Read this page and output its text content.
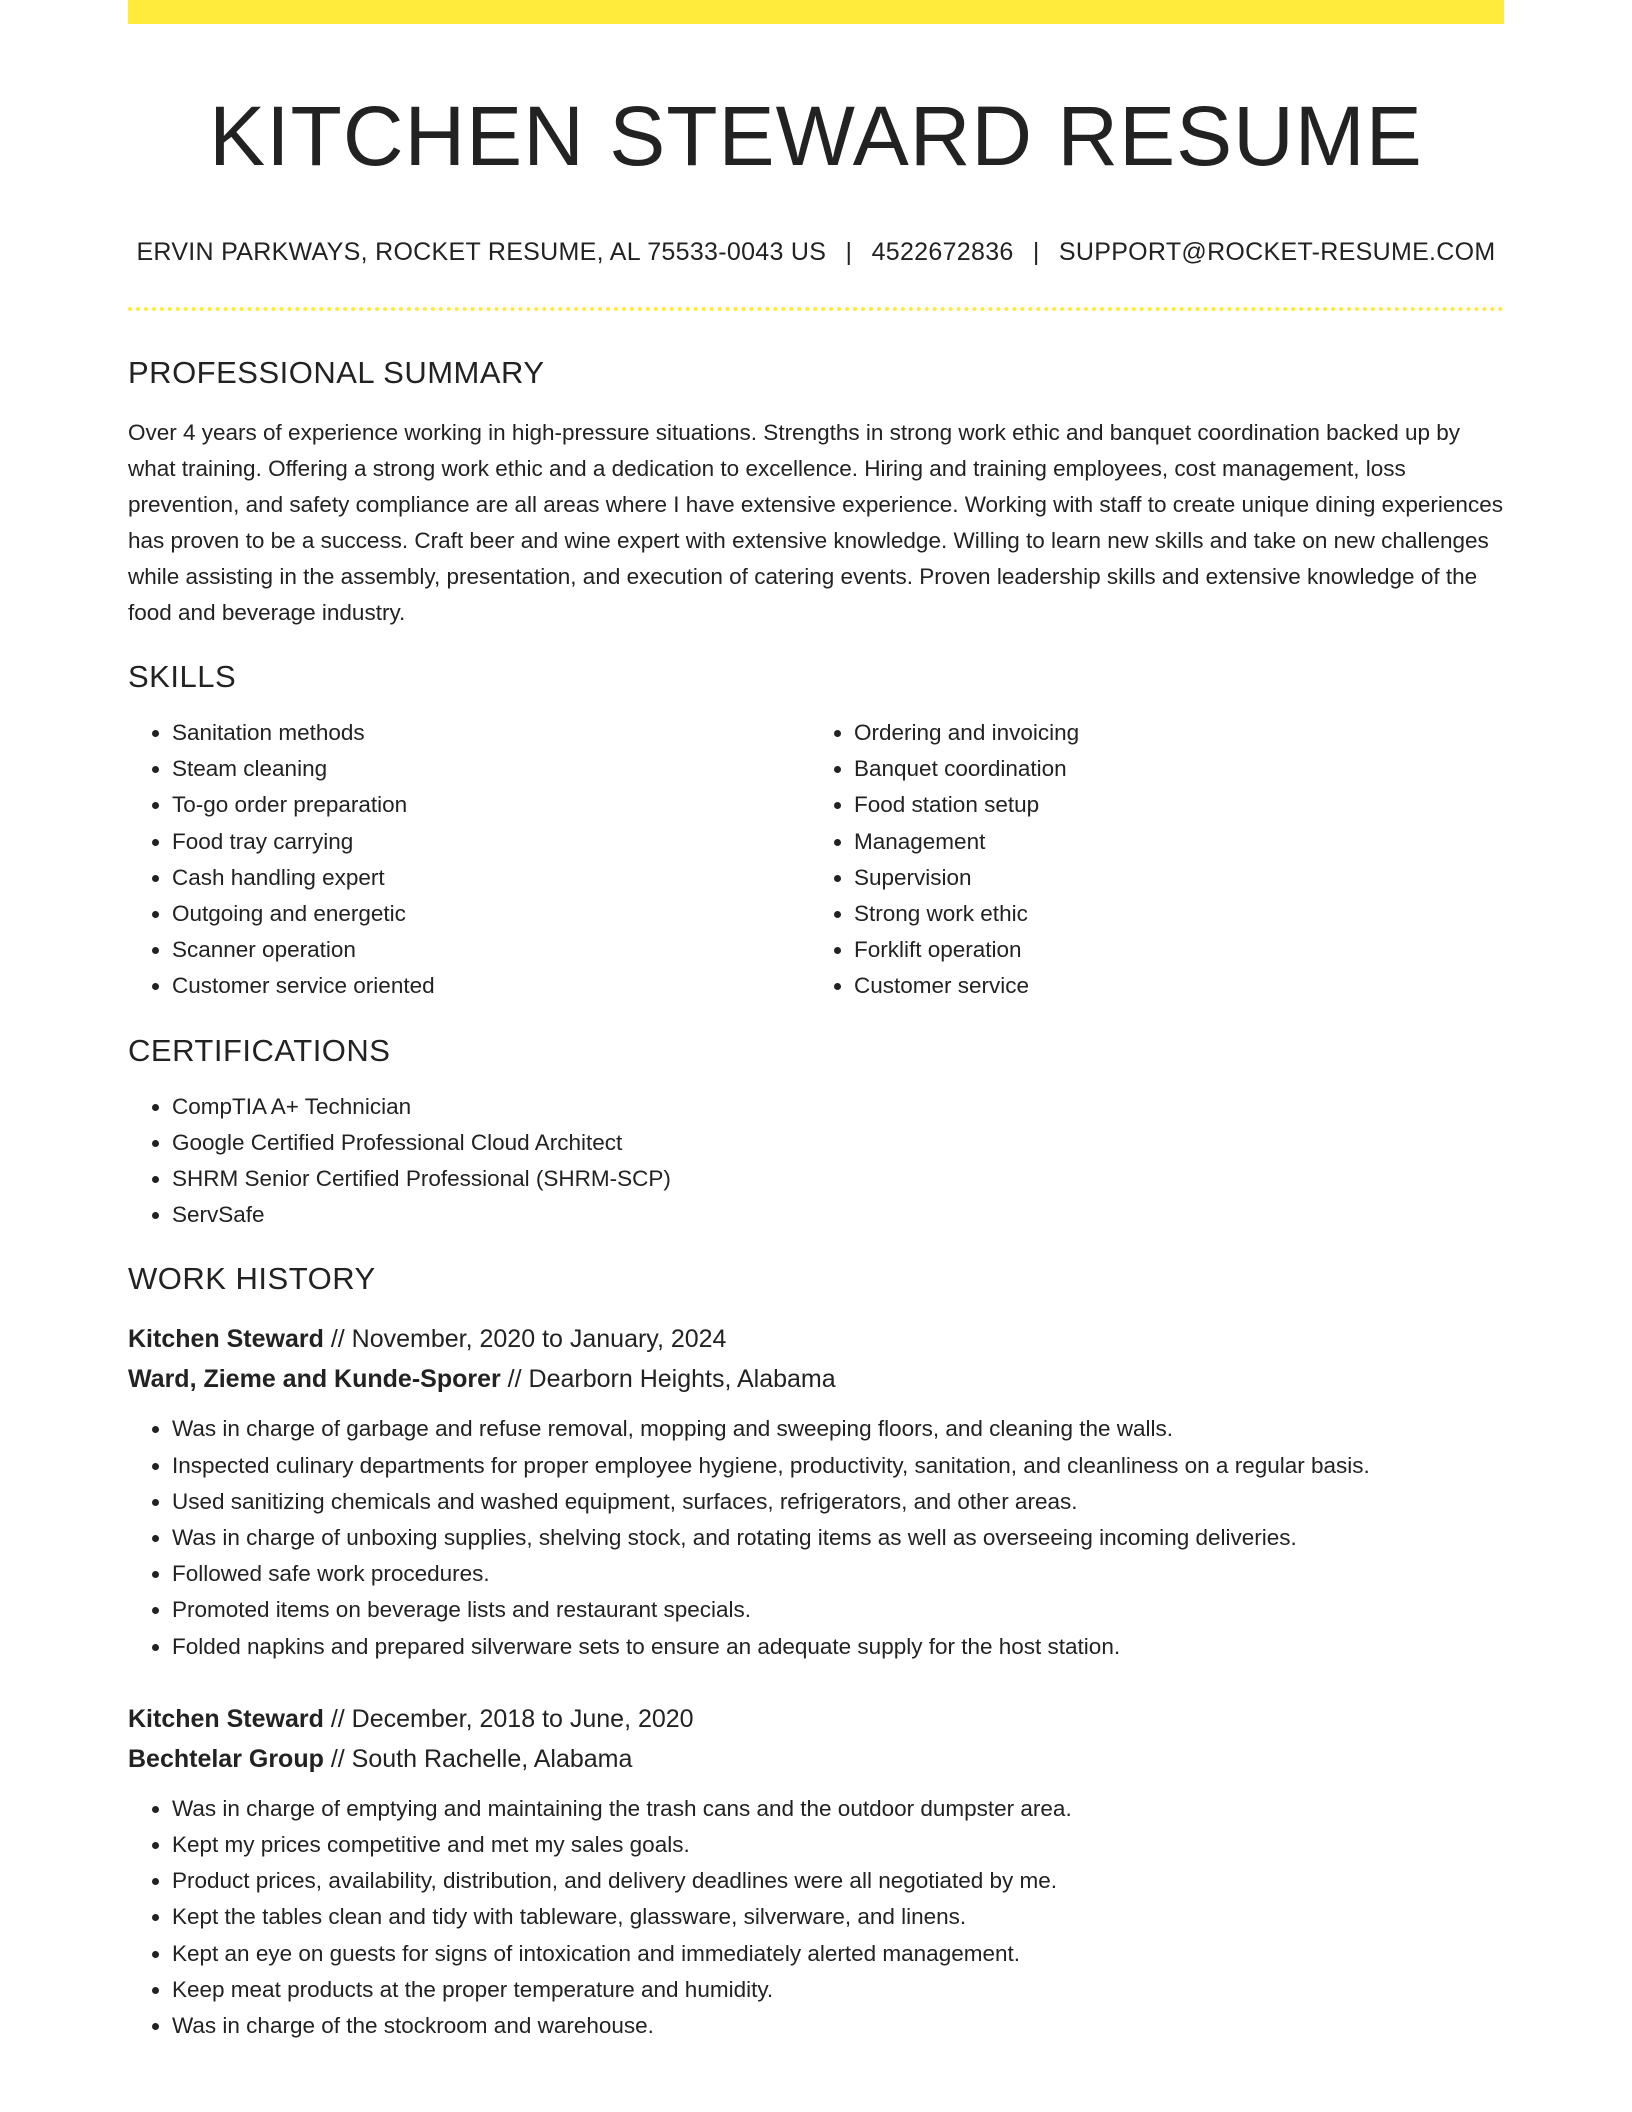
KITCHEN STEWARD RESUME
ERVIN PARKWAYS, ROCKET RESUME, AL 75533-0043 US | 4522672836 | SUPPORT@ROCKET-RESUME.COM
PROFESSIONAL SUMMARY

Over 4 years of experience working in high-pressure situations. Strengths in strong work ethic and banquet coordination backed up by what training. Offering a strong work ethic and a dedication to excellence. Hiring and training employees, cost management, loss prevention, and safety compliance are all areas where I have extensive experience. Working with staff to create unique dining experiences has proven to be a success. Craft beer and wine expert with extensive knowledge. Willing to learn new skills and take on new challenges while assisting in the assembly, presentation, and execution of catering events. Proven leadership skills and extensive knowledge of the food and beverage industry.

SKILLS
• Sanitation methods
• Steam cleaning
• To-go order preparation
• Food tray carrying
• Cash handling expert
• Outgoing and energetic
• Scanner operation
• Customer service oriented
• Ordering and invoicing
• Banquet coordination
• Food station setup
• Management
• Supervision
• Strong work ethic
• Forklift operation
• Customer service
CERTIFICATIONS
• CompTIA A+ Technician
• Google Certified Professional Cloud Architect
• SHRM Senior Certified Professional (SHRM-SCP)
• ServSafe
WORK HISTORY
Kitchen Steward // November, 2020 to January, 2024
Ward, Zieme and Kunde-Sporer // Dearborn Heights, Alabama
• Was in charge of garbage and refuse removal, mopping and sweeping floors, and cleaning the walls.
• Inspected culinary departments for proper employee hygiene, productivity, sanitation, and cleanliness on a regular basis.
• Used sanitizing chemicals and washed equipment, surfaces, refrigerators, and other areas.
• Was in charge of unboxing supplies, shelving stock, and rotating items as well as overseeing incoming deliveries.
• Followed safe work procedures.
• Promoted items on beverage lists and restaurant specials.
• Folded napkins and prepared silverware sets to ensure an adequate supply for the host station.
Kitchen Steward // December, 2018 to June, 2020
Bechtelar Group // South Rachelle, Alabama
• Was in charge of emptying and maintaining the trash cans and the outdoor dumpster area.
• Kept my prices competitive and met my sales goals.
• Product prices, availability, distribution, and delivery deadlines were all negotiated by me.
• Kept the tables clean and tidy with tableware, glassware, silverware, and linens.
• Kept an eye on guests for signs of intoxication and immediately alerted management.
• Keep meat products at the proper temperature and humidity.
• Was in charge of the stockroom and warehouse.
